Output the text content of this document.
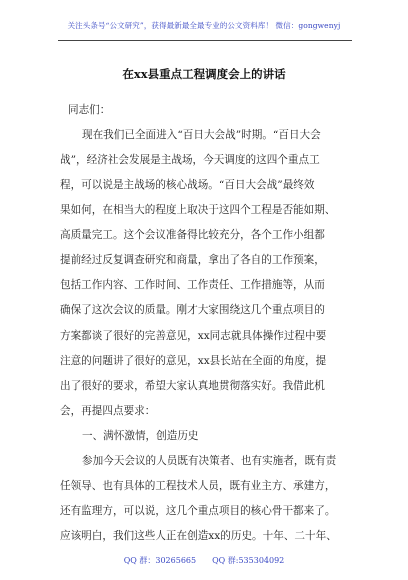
关注头条号“公文研究”，获得最新最全最专业的公文资料库！ 微信：gongwenyj
在xx县重点工程调度会上的讲话
同志们：
现在我们已全面进入“百日大会战”时期。“百日大会
战”，经济社会发展是主战场，今天调度的这四个重点工
程，可以说是主战场的核心战场。“百日大会战”最终效
果如何，在相当大的程度上取决于这四个工程是否能如期、
高质量完工。这个会议准备得比较充分，各个工作小组都
提前经过反复调查研究和商量，拿出了各自的工作预案，
包括工作内容、工作时间、工作责任、工作措施等，从而
确保了这次会议的质量。刚才大家围绕这几个重点项目的
方案都谈了很好的完善意见，xx同志就具体操作过程中要
注意的问题讲了很好的意见，xx县长站在全面的角度，提
出了很好的要求，希望大家认真地贯彻落实好。我借此机
会，再提四点要求：
一、满怀激情，创造历史
参加今天会议的人员既有决策者、也有实施者，既有责
任领导、也有具体的工程技术人员，既有业主方、承建方，
还有监理方，可以说，这几个重点项目的核心骨干都来了。
应该明白，我们这些人正在创造xx的历史。十年、二十年、
QQ 群：30265665 QQ 群:535304092
